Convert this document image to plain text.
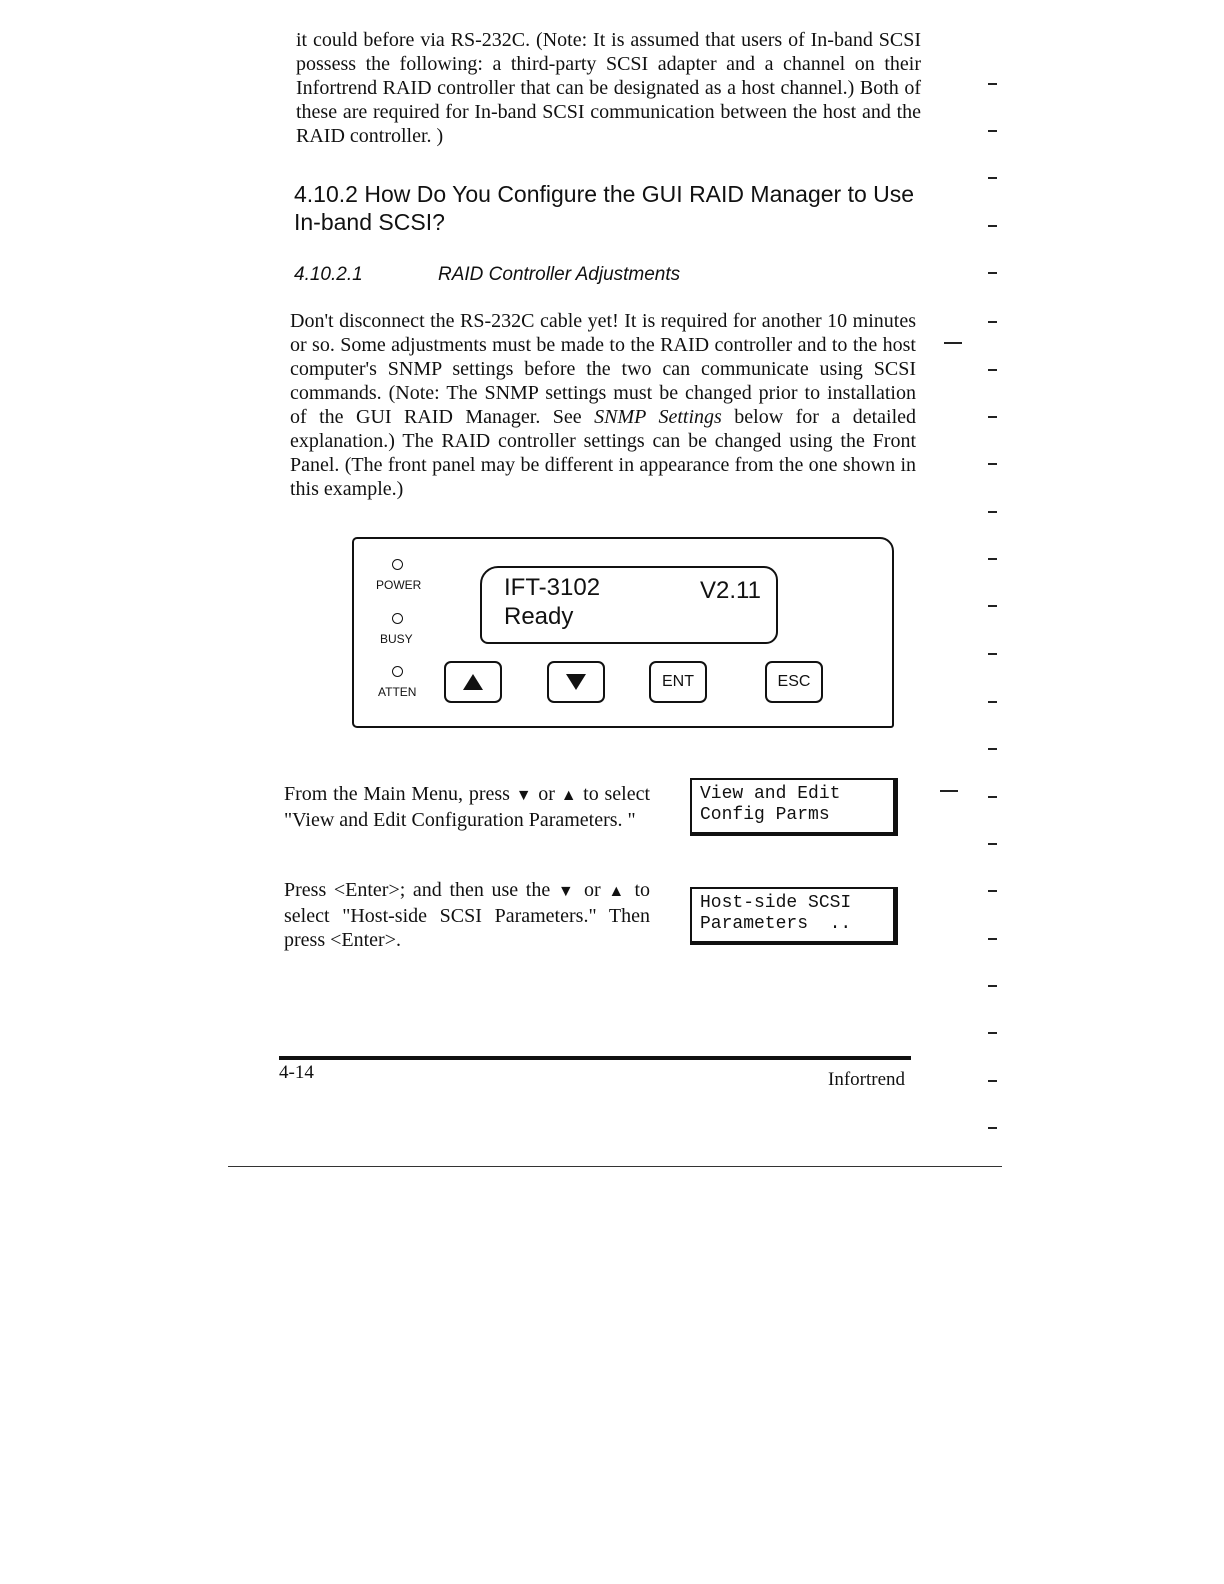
it could before via RS-232C. (Note: It is assumed that users of In-band SCSI possess the following: a third-party SCSI adapter and a channel on their Infortrend RAID controller that can be designated as a host channel.) Both of these are required for In-band SCSI communication between the host and the RAID controller. )

4.10.2 How Do You Configure the GUI RAID Manager to Use In-band SCSI?
4.10.2.1	RAID Controller Adjustments

Don't disconnect the RS-232C cable yet! It is required for another 10 minutes or so. Some adjustments must be made to the RAID controller and to the host computer's SNMP settings before the two can communicate using SCSI commands. (Note: The SNMP settings must be changed prior to installation of the GUI RAID Manager. See SNMP Settings below for a detailed explanation.) The RAID controller settings can be changed using the Front Panel. (The front panel may be different in appearance from the one shown in this example.)

POWER
BUSY
ATTEN
IFT-3102	V2.11
Ready
ENT	ESC

From the Main Menu, press ▼ or ▲ to select "View and Edit Configuration Parameters. "

View and Edit
Config Parms

Press <Enter>; and then use the ▼ or ▲ to select "Host-side SCSI Parameters." Then press <Enter>.

Host-side SCSI
Parameters  ..
4-14	Infortrend
